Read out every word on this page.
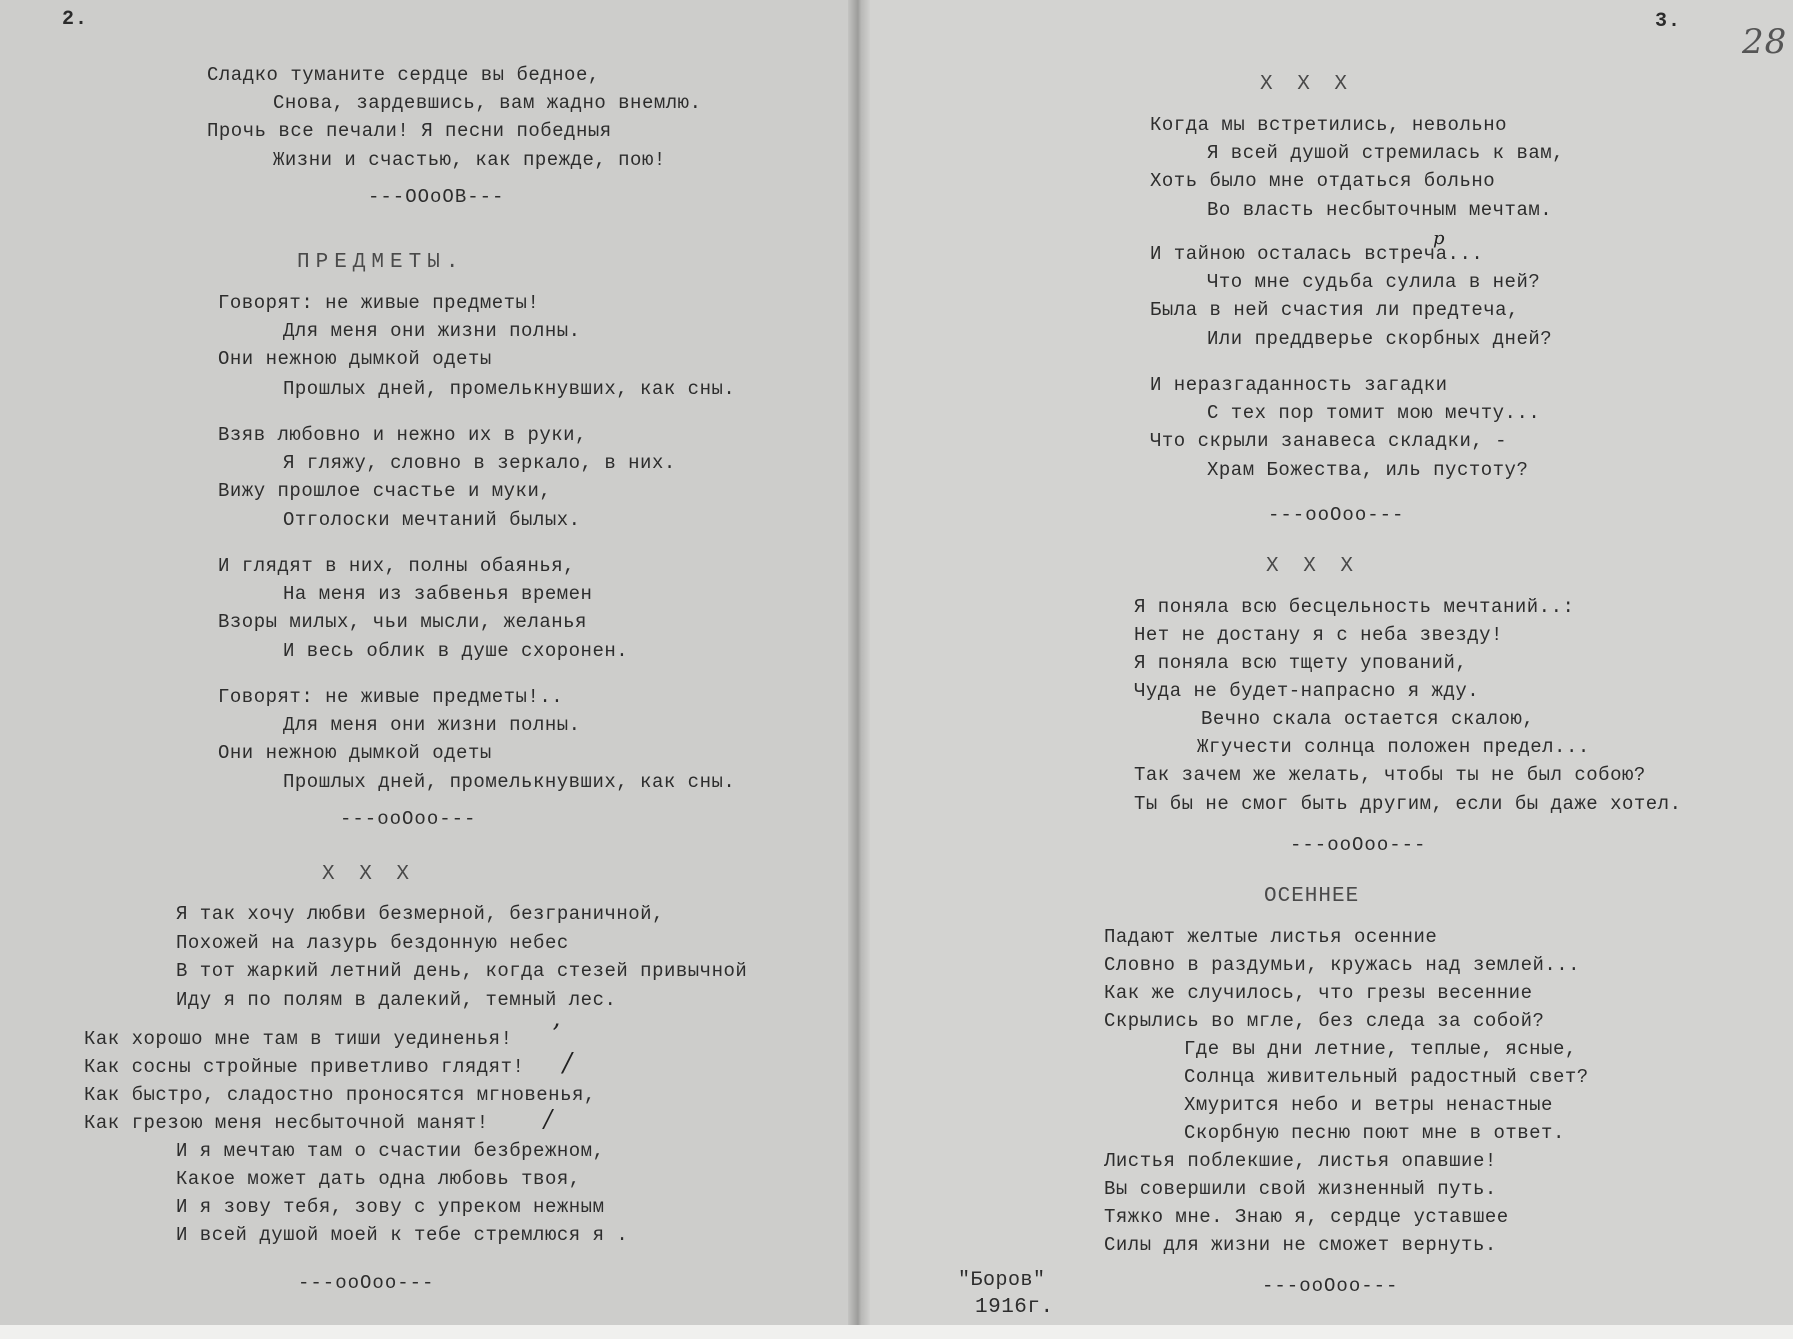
2.
Сладко туманите сердце вы бедное,
Снова, зардевшись, вам жадно внемлю.
Прочь все печали! Я песни победныя
Жизни и счастью, как прежде, пою!
---ООоОВ---
ПРЕДМЕТЫ.
Говорят: не живые предметы!
Для меня они жизни полны.
Они нежною дымкой одеты
Прошлых дней, промелькнувших, как сны.
Взяв любовно и нежно их в руки,
Я гляжу, словно в зеркало, в них.
Вижу прошлое счастье и муки,
Отголоски мечтаний былых.
И глядят в них, полны обаянья,
На меня из забвенья времен
Взоры милых, чьи мысли, желанья
И весь облик в душе схоронен.
Говорят: не живые предметы!..
Для меня они жизни полны.
Они нежною дымкой одеты
Прошлых дней, промелькнувших, как сны.
---ооОоо---
Х Х Х
Я так хочу любви безмерной, безграничной,
Похожей на лазурь бездонную небес
В тот жаркий летний день, когда стезей привычной
Иду я по полям в далекий, темный лес.
Как хорошо мне там в тиши уединенья!
Как сосны стройные приветливо глядят!
Как быстро, сладостно проносятся мгновенья,
Как грезою меня несбыточной манят!
И я мечтаю там о счастии безбрежном,
Какое может дать одна любовь твоя,
И я зову тебя, зову с упреком нежным
И всей душой моей к тебе стремлюся я .
---ооОоо---
3.
28
Х Х Х
Когда мы встретились, невольно
Я всей душой стремилась к вам,
Хоть было мне отдаться больно
Во власть несбыточным мечтам.
И тайною осталась встреча...
Что мне судьба сулила в ней?
Была в ней счастия ли предтеча,
Или преддверье скорбных дней?
И неразгаданность загадки
С тех пор томит мою мечту...
Что скрыли занавеса складки, -
Храм Божества, иль пустоту?
---ооОоо---
Х Х Х
Я поняла всю бесцельность мечтаний..:
Нет не достану я с неба звезду!
Я поняла всю тщету упований,
Чуда не будет-напрасно я жду.
Вечно скала остается скалою,
Жгучести солнца положен предел...
Так зачем же желать, чтобы ты не был собою?
Ты бы не смог быть другим, если бы даже хотел.
---ооОоо---
ОСЕННЕЕ
Падают желтые листья осенние
Словно в раздумьи, кружась над землей...
Как же случилось, что грезы весенние
Скрылись во мгле, без следа за собой?
Где вы дни летние, теплые, ясные,
Солнца живительный радостный свет?
Хмурится небо и ветры ненастные
Скорбную песню поют мне в ответ.
Листья поблекшие, листья опавшие!
Вы совершили свой жизненный путь.
Тяжко мне. Знаю я, сердце уставшее
Силы для жизни не сможет вернуть.
---ооОоо---
"Боров"
1916г.
ʼ
/
/
р
